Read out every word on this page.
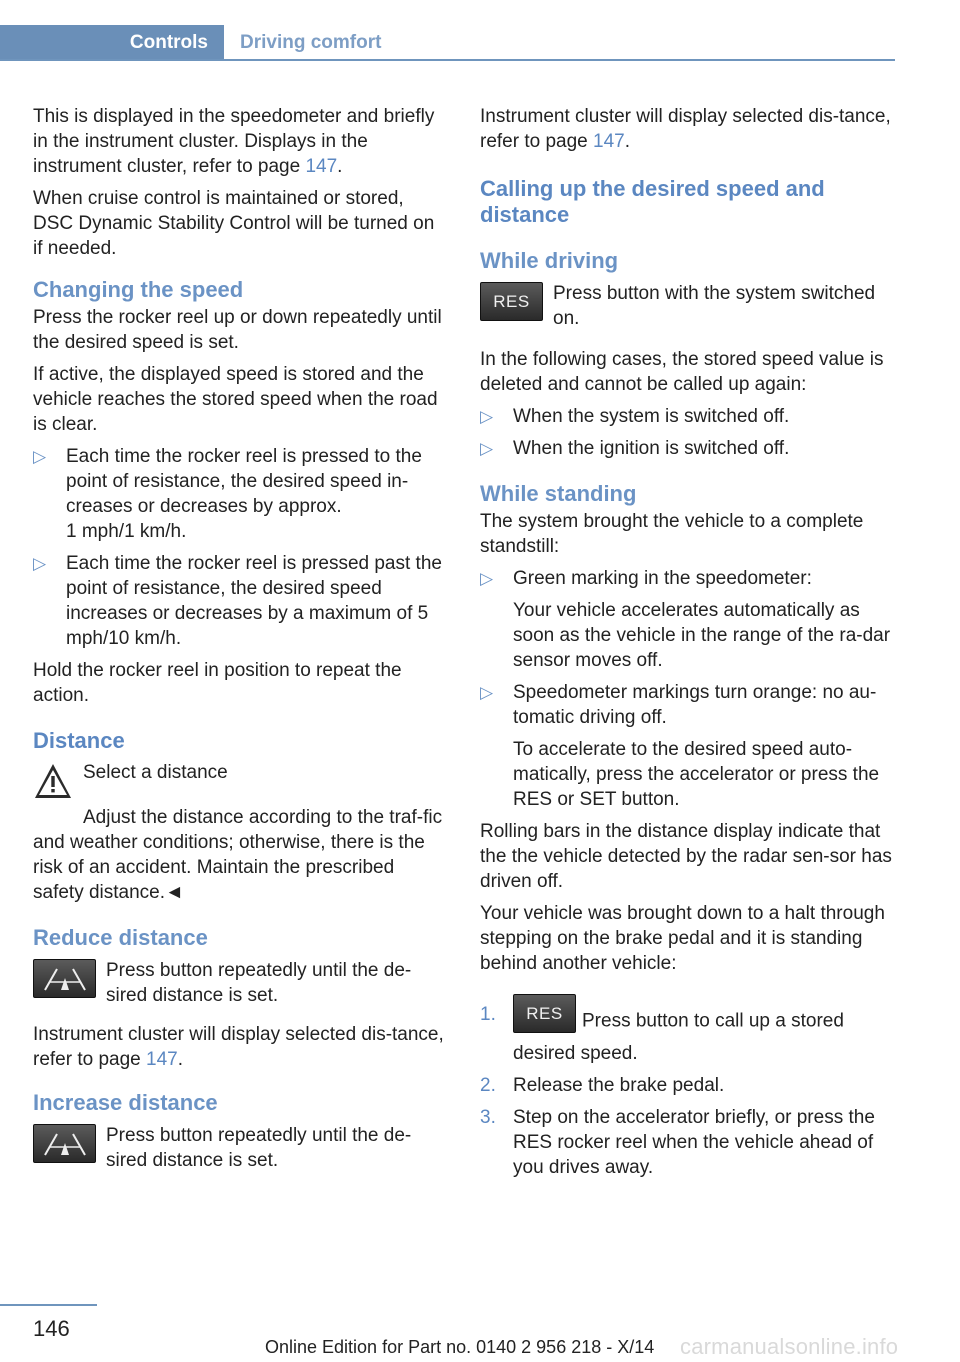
Controls	Driving comfort

This is displayed in the speedometer and briefly in the instrument cluster. Displays in the instrument cluster, refer to page 147.

When cruise control is maintained or stored, DSC Dynamic Stability Control will be turned on if needed.

Changing the speed

Press the rocker reel up or down repeatedly until the desired speed is set.

If active, the displayed speed is stored and the vehicle reaches the stored speed when the road is clear.

▷ Each time the rocker reel is pressed to the point of resistance, the desired speed in-creases or decreases by approx.
1 mph/1 km/h.
▷ Each time the rocker reel is pressed past the point of resistance, the desired speed increases or decreases by a maximum of 5 mph/10 km/h.

Hold the rocker reel in position to repeat the action.

Distance
Select a distance

Adjust the distance according to the traf-fic and weather conditions; otherwise, there is the risk of an accident. Maintain the prescribed safety distance.◄

Reduce distance
Press button repeatedly until the de-sired distance is set.

Instrument cluster will display selected dis-tance, refer to page 147.

Increase distance
Press button repeatedly until the de-sired distance is set.

Instrument cluster will display selected dis-tance, refer to page 147.

Calling up the desired speed and distance
While driving
RES	Press button with the system switched on.

In the following cases, the stored speed value is deleted and cannot be called up again:

▷ When the system is switched off.
▷ When the ignition is switched off.
While standing

The system brought the vehicle to a complete standstill:

▷ Green marking in the speedometer:
Your vehicle accelerates automatically as soon as the vehicle in the range of the ra-dar sensor moves off.
▷ Speedometer markings turn orange: no au-tomatic driving off.
To accelerate to the desired speed auto-matically, press the accelerator or press the RES or SET button.

Rolling bars in the distance display indicate that the the vehicle detected by the radar sen-sor has driven off.

Your vehicle was brought down to a halt through stepping on the brake pedal and it is standing behind another vehicle:

1. RES Press button to call up a stored desired speed.
2. Release the brake pedal.
3. Step on the accelerator briefly, or press the RES rocker reel when the vehicle ahead of you drives away.
146
Online Edition for Part no. 0140 2 956 218 - X/14 carmanualsonline.info
